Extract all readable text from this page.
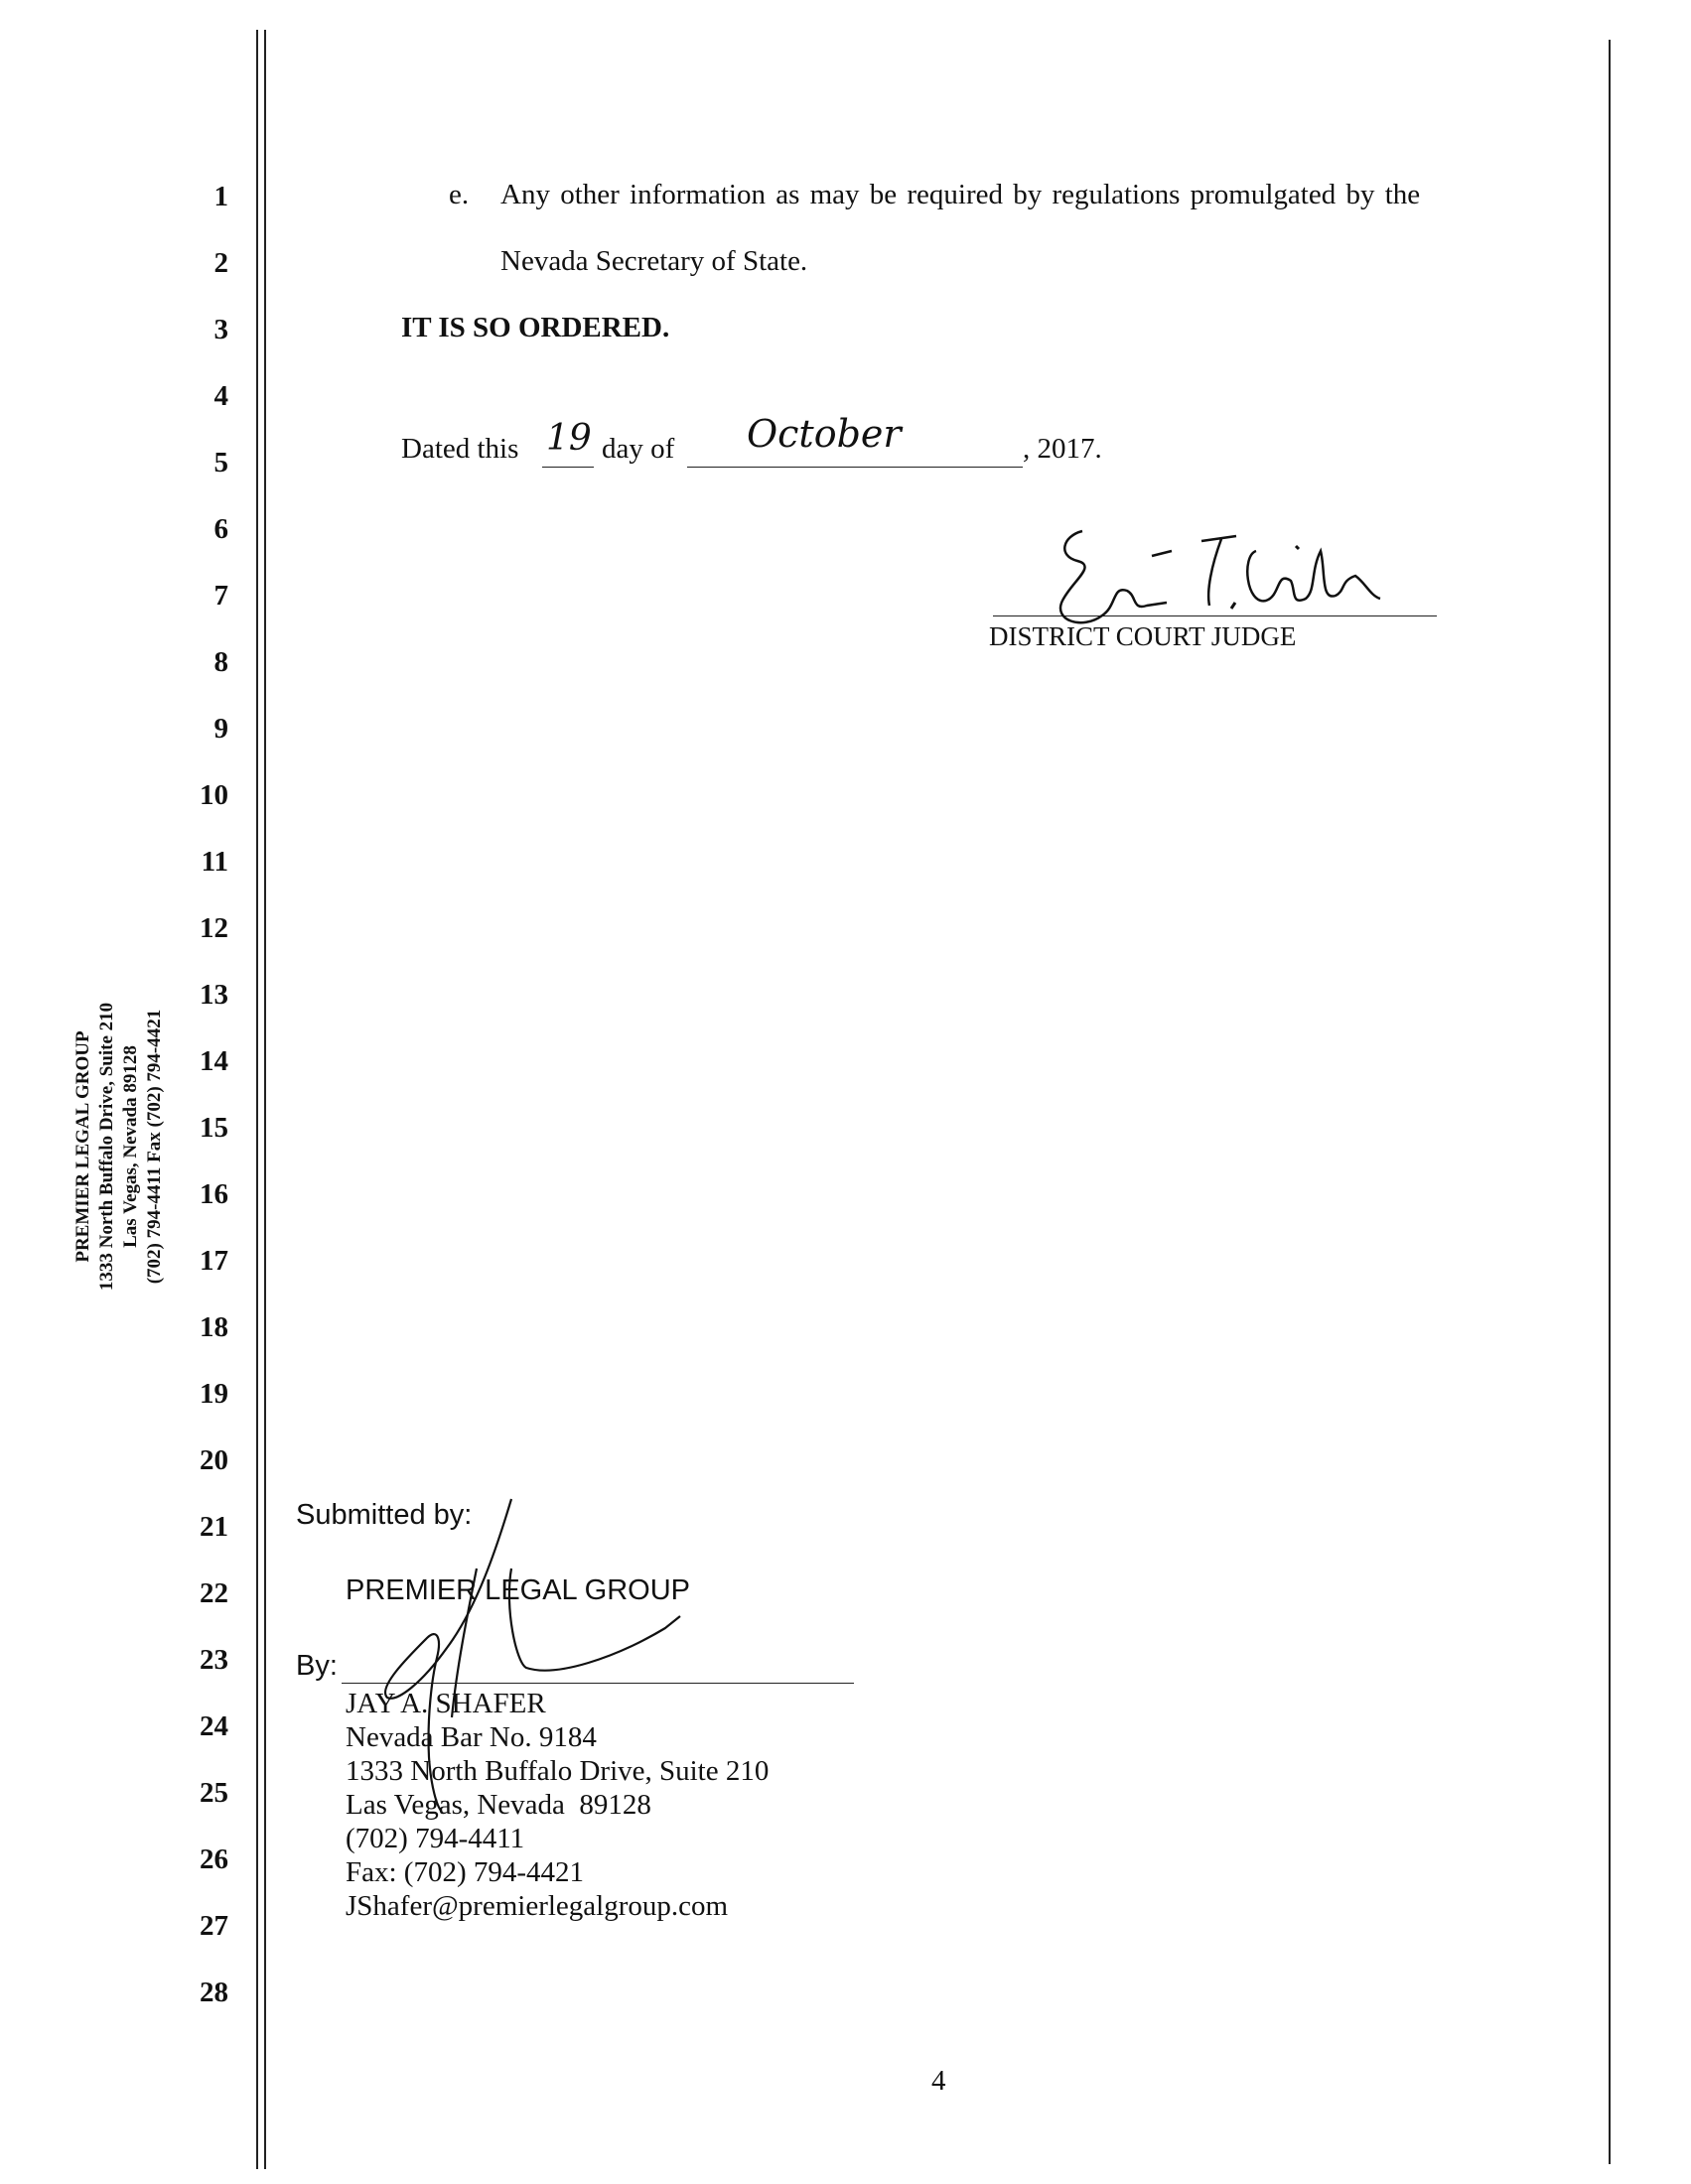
PREMIER LEGAL GROUP 1333 North Buffalo Drive, Suite 210 Las Vegas, Nevada 89128 (702) 794-4411 Fax (702) 794-4421
1
2
3
4
5
6
7
8
9
10
11
12
13
14
15
16
17
18
19
20
21
22
23
24
25
26
27
28
e. Any other information as may be required by regulations promulgated by the
Nevada Secretary of State.
IT IS SO ORDERED.
Dated this 19 day of October	, 2017.
DISTRICT COURT JUDGE
Submitted by:
PREMIER LEGAL GROUP
By:
JAY A. SHAFER
Nevada Bar No. 9184
1333 North Buffalo Drive, Suite 210
Las Vegas, Nevada  89128
(702) 794-4411
Fax: (702) 794-4421
JShafer@premierlegalgroup.com
4
